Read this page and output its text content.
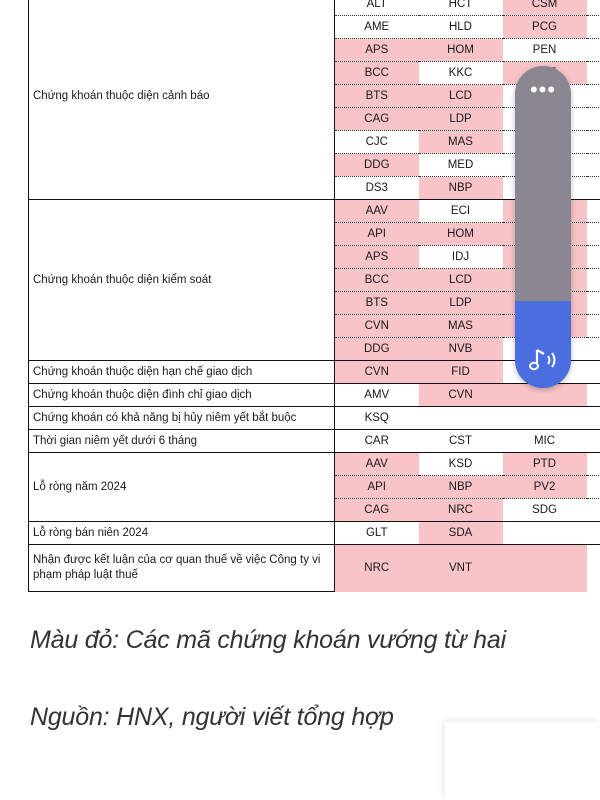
Chứng khoán thuộc diện cảnh báo	ALT	HCT	CSM	
	AME	HLD	PCG	
	APS	HOM	PEN	
	BCC	KKC		
	BTS	LCD		
	CAG	LDP		
	CJC	MAS		
	DDG	MED		
	DS3	NBP		
Chứng khoán thuộc diện kiểm soát	AAV	ECI		
	API	HOM		
	APS	IDJ		
	BCC	LCD		
	BTS	LDP		
	CVN	MAS		
	DDG	NVB		
Chứng khoán thuộc diện hạn chế giao dịch	CVN	FID		
Chứng khoán thuộc diện đình chỉ giao dịch	AMV	CVN		
Chứng khoán có khả năng bị hủy niêm yết bắt buộc	KSQ			
Thời gian niêm yết dưới 6 tháng	CAR	CST	MIC	
Lỗ ròng năm 2024	AAV	KSD	PTD	
	API	NBP	PV2	
	CAG	NRC	SDG	
Lỗ ròng bán niên 2024	GLT	SDA		
Nhận được kết luận của cơ quan thuế về việc Công ty vi phạm pháp luật thuế	NRC	VNT		
Màu đỏ: Các mã chứng khoán vướng từ hai
Nguồn: HNX, người viết tổng hợp
•••
